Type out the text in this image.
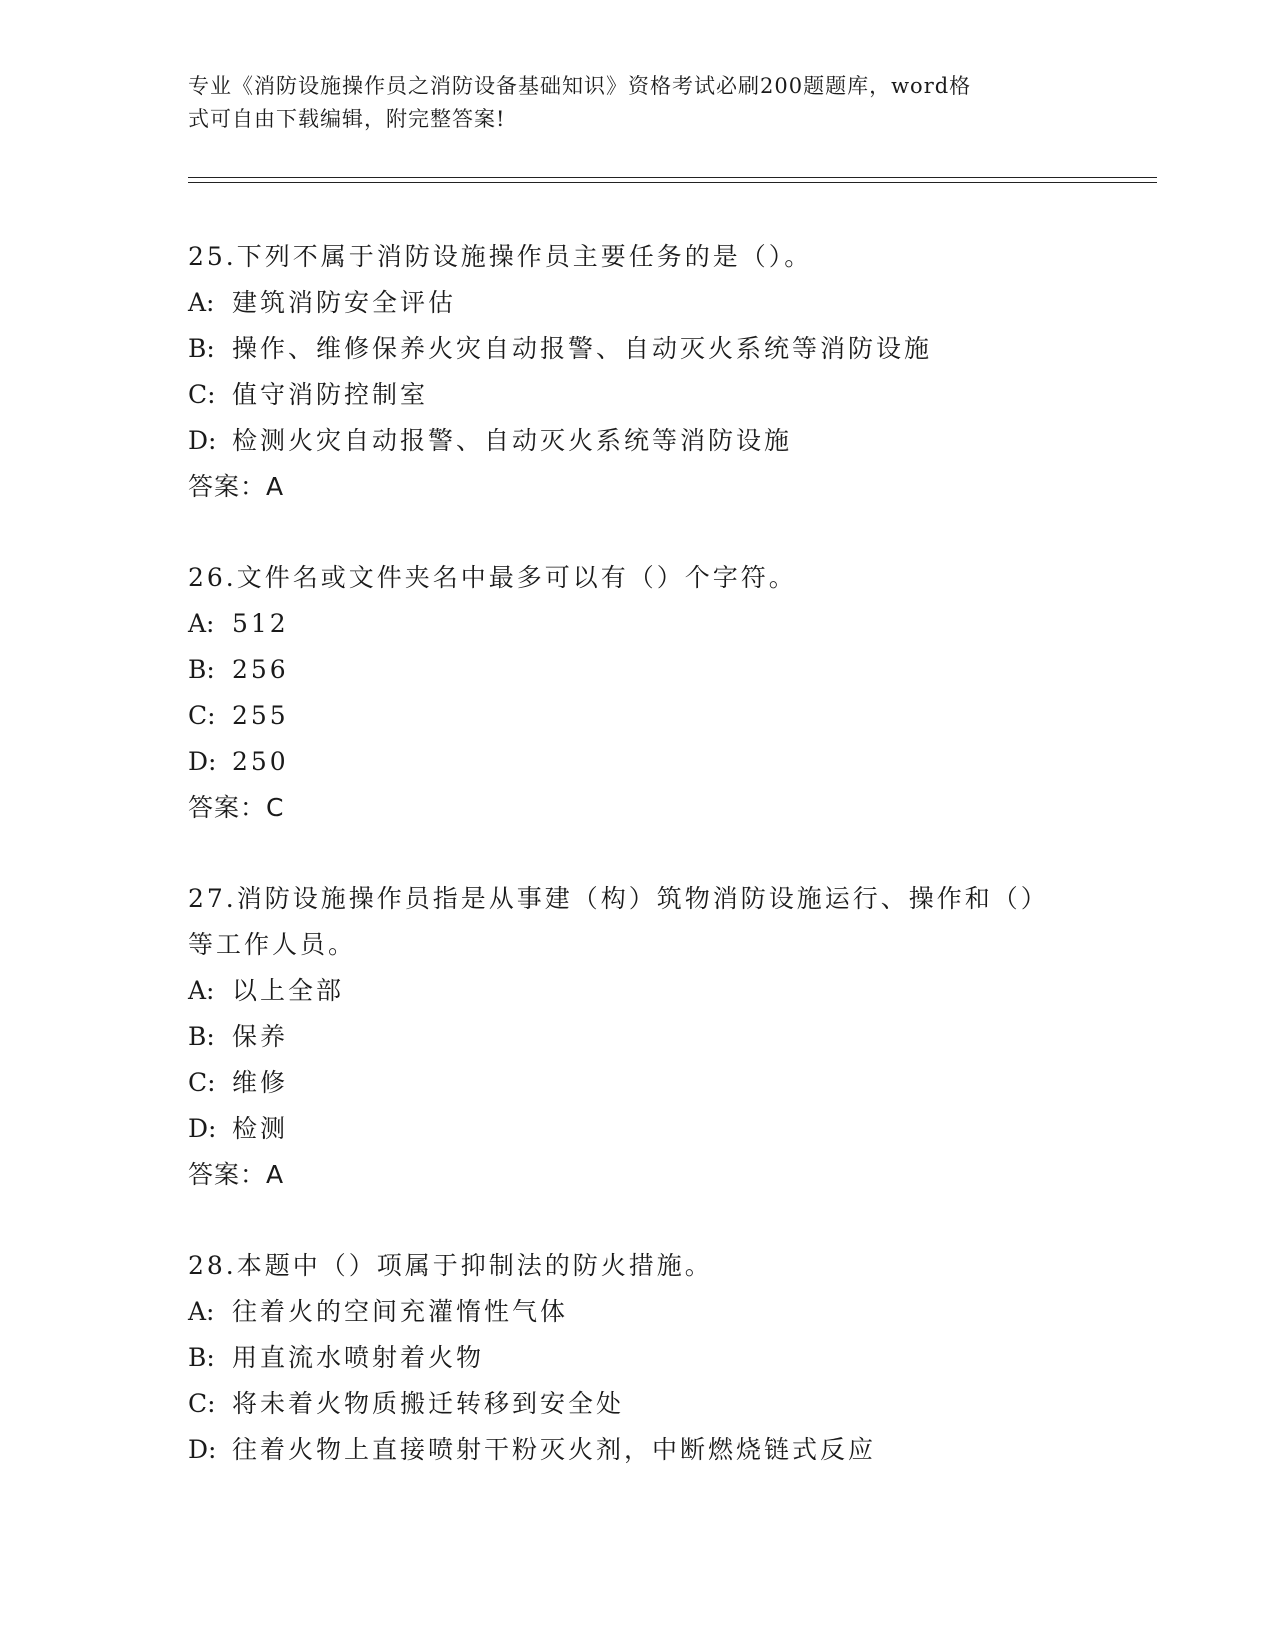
专业《消防设施操作员之消防设备基础知识》资格考试必刷200题题库，word格
式可自由下载编辑，附完整答案!
25.下列不属于消防设施操作员主要任务的是（）。
A: 建筑消防安全评估
B: 操作、维修保养火灾自动报警、自动灭火系统等消防设施
C: 值守消防控制室
D: 检测火灾自动报警、自动灭火系统等消防设施
答案：A
26.文件名或文件夹名中最多可以有（）个字符。
A: 512
B: 256
C: 255
D: 250
答案：C
27.消防设施操作员指是从事建（构）筑物消防设施运行、操作和（）
等工作人员。
A: 以上全部
B: 保养
C: 维修
D: 检测
答案：A
28.本题中（）项属于抑制法的防火措施。
A: 往着火的空间充灌惰性气体
B: 用直流水喷射着火物
C: 将未着火物质搬迁转移到安全处
D: 往着火物上直接喷射干粉灭火剂，中断燃烧链式反应
